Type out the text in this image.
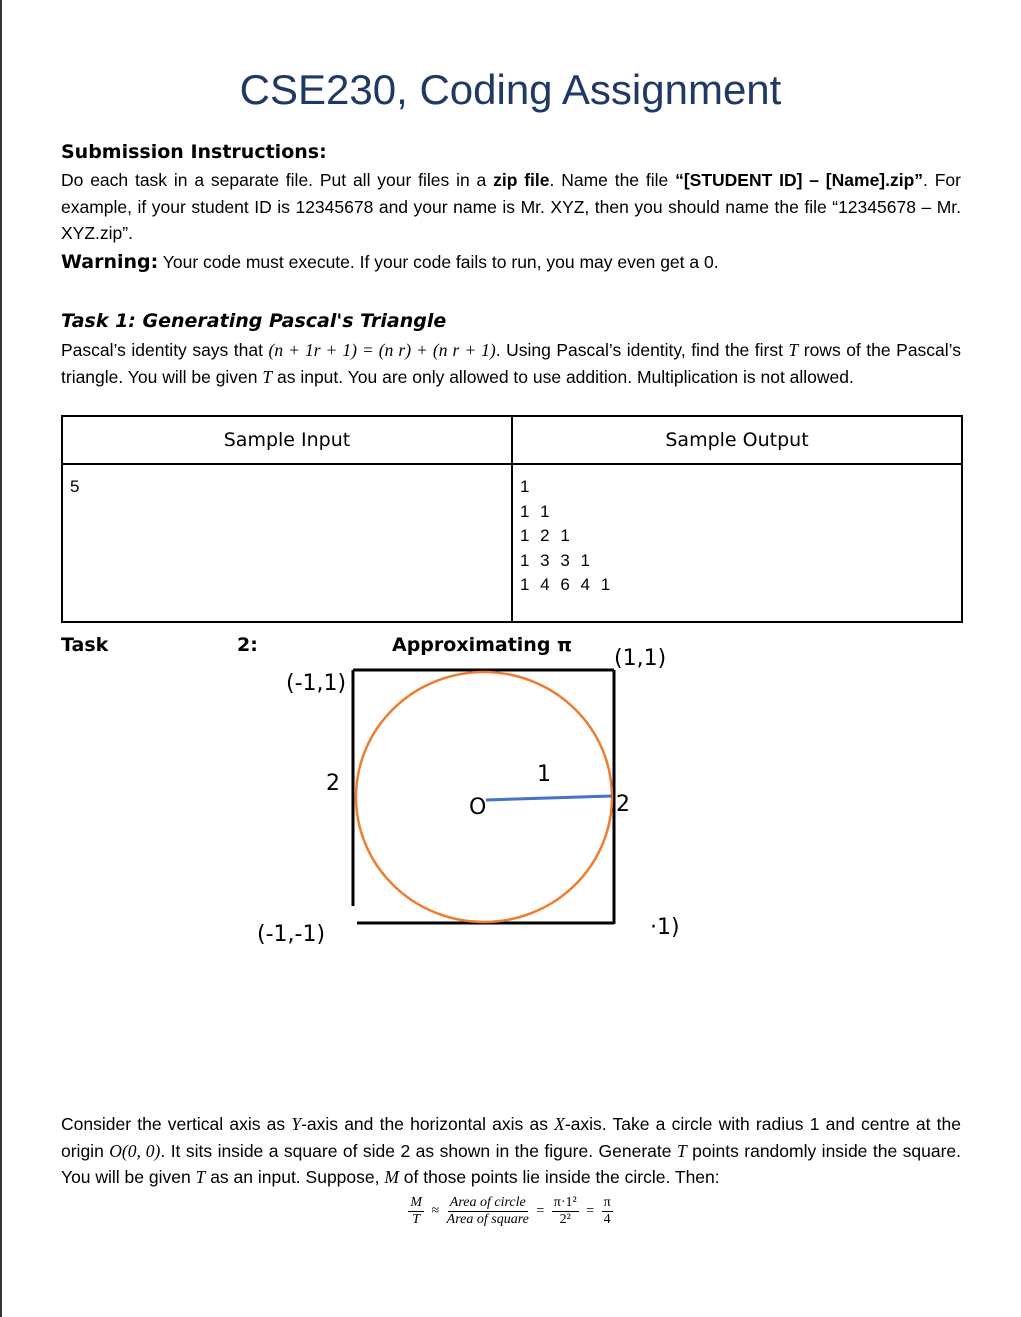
CSE230, Coding Assignment
Submission Instructions:
Do each task in a separate file. Put all your files in a zip file. Name the file “[STUDENT ID] – [Name].zip”. For example, if your student ID is 12345678 and your name is Mr. XYZ, then you should name the file “12345678 – Mr. XYZ.zip”.
Warning: Your code must execute. If your code fails to run, you may even get a 0.
Task 1: Generating Pascal's Triangle
Pascal’s identity says that (n + 1r + 1) = (n r) + (n r + 1). Using Pascal’s identity, find the first T rows of the Pascal’s triangle. You will be given T as input. You are only allowed to use addition. Multiplication is not allowed.
Sample Input	Sample Output
5	1
1 1
1 2 1
1 3 3 1
1 4 6 4 1
Task	2:	Approximating π
(-1,1)
(1,1)
(-1,-1)	·1)
2
2
1
O
Consider the vertical axis as Y-axis and the horizontal axis as X-axis. Take a circle with radius 1 and centre at the origin O(0, 0). It sits inside a square of side 2 as shown in the figure. Generate T points randomly inside the square. You will be given T as an input. Suppose, M of those points lie inside the circle. Then:
$\frac{M}{T} \approx \frac{\text{Area of circle}}{\text{Area of square}} = \frac{\text{π·1²}}{\text{2²}} = \frac{\pi}{4}$
